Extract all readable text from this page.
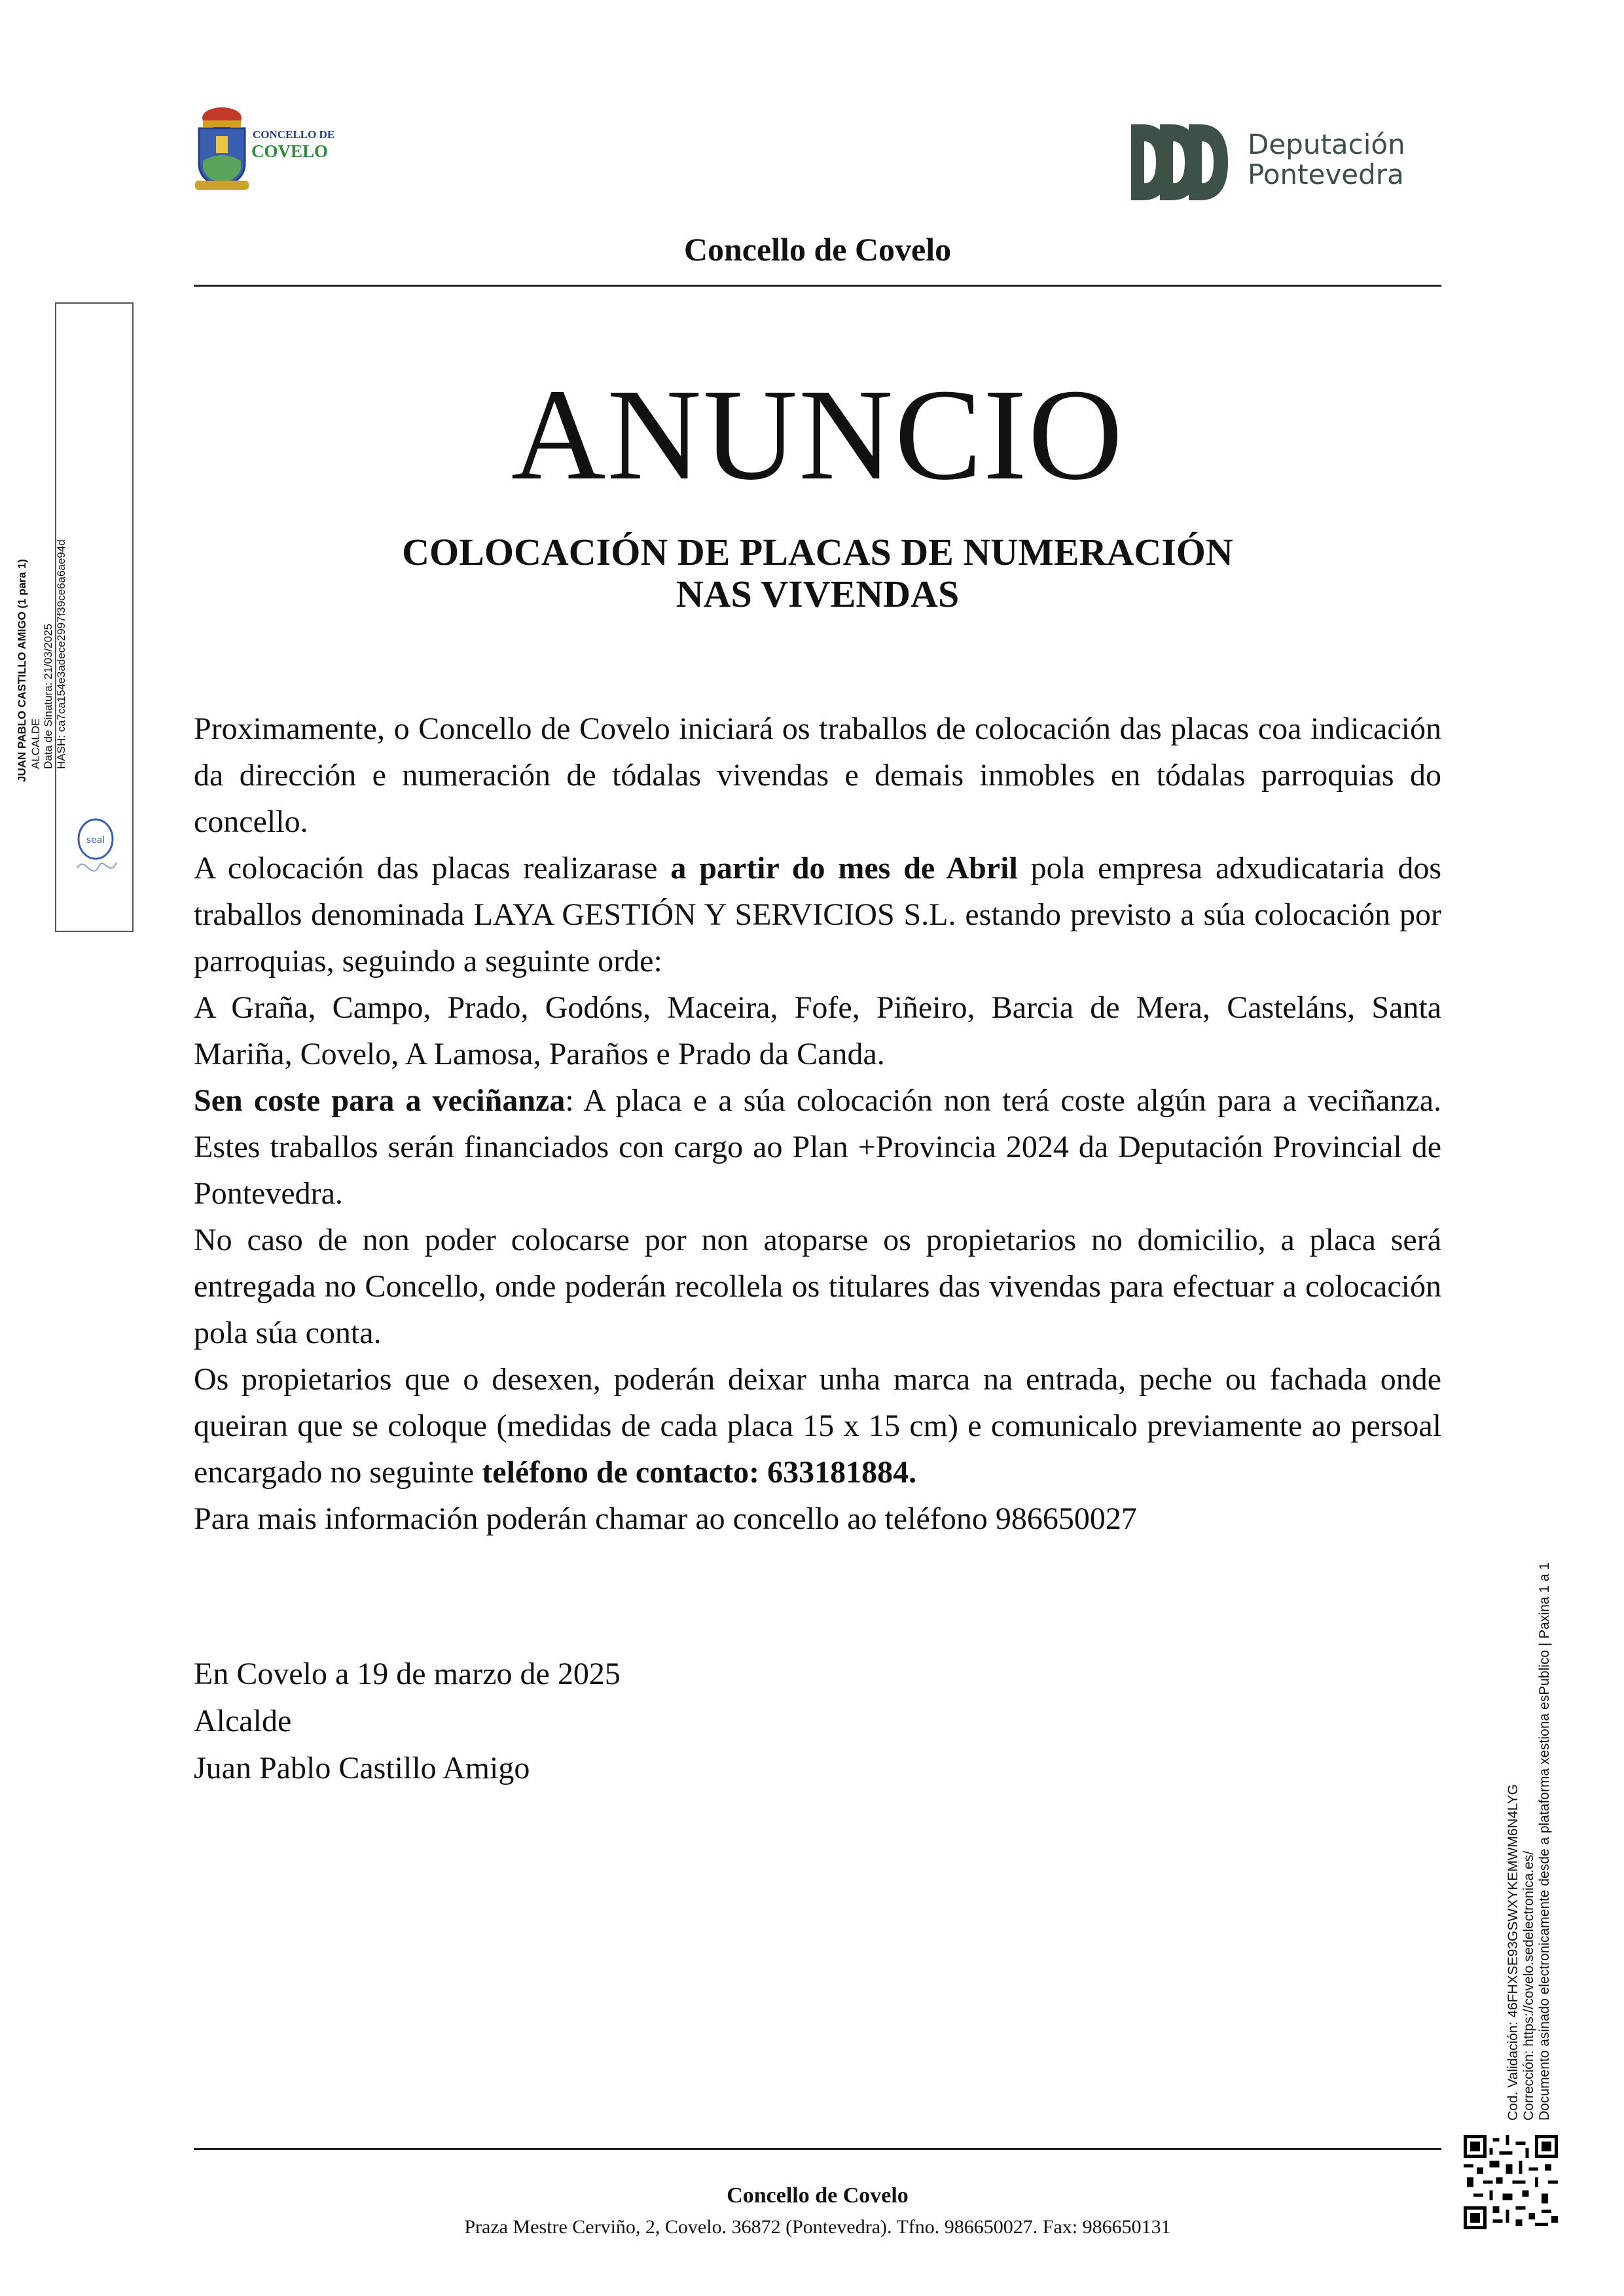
CONCELLO DE
COVELO	Deputación
Pontevedra
Concello de Covelo
ANUNCIO
COLOCACIÓN DE PLACAS DE NUMERACIÓN
NAS VIVENDAS

Proximamente, o Concello de Covelo iniciará os traballos de colocación das placas coa indicación da dirección e numeración de tódalas vivendas e demais inmobles en tódalas parroquias do concello.

A colocación das placas realizarase a partir do mes de Abril pola empresa adxudicataria dos traballos denominada LAYA GESTIÓN Y SERVICIOS S.L. estando previsto a súa colocación por parroquias, seguindo a seguinte orde:

A Graña, Campo, Prado, Godóns, Maceira, Fofe, Piñeiro, Barcia de Mera, Casteláns, Santa Mariña, Covelo, A Lamosa, Paraños e Prado da Canda.

Sen coste para a veciñanza: A placa e a súa colocación non terá coste algún para a veciñanza. Estes traballos serán financiados con cargo ao Plan +Provincia 2024 da Deputación Provincial de Pontevedra.

No caso de non poder colocarse por non atoparse os propietarios no domicilio, a placa será entregada no Concello, onde poderán recollela os titulares das vivendas para efectuar a colocación pola súa conta.

Os propietarios que o desexen, poderán deixar unha marca na entrada, peche ou fachada onde queiran que se coloque (medidas de cada placa 15 x 15 cm) e comunicalo previamente ao persoal encargado no seguinte teléfono de contacto: 633181884.

Para mais información poderán chamar ao concello ao teléfono 986650027

En Covelo a 19 de marzo de 2025
Alcalde
Juan Pablo Castillo Amigo
Concello de Covelo
Praza Mestre Cerviño, 2, Covelo. 36872 (Pontevedra). Tfno. 986650027. Fax: 986650131
JUAN PABLO CASTILLO AMIGO (1 para 1) ALCALDE Data de Sinatura: 21/03/2025 HASH: ca7ca154e3adece2997f39ce6a6ae94d
seal
Cod. Validación: 46FHXSE93GSWXYKEMWM6N4LYG Corrección: https://covelo.sedelectronica.es/ Documento asinado electronicamente desde a plataforma xestiona esPublico | Paxina 1 a 1
